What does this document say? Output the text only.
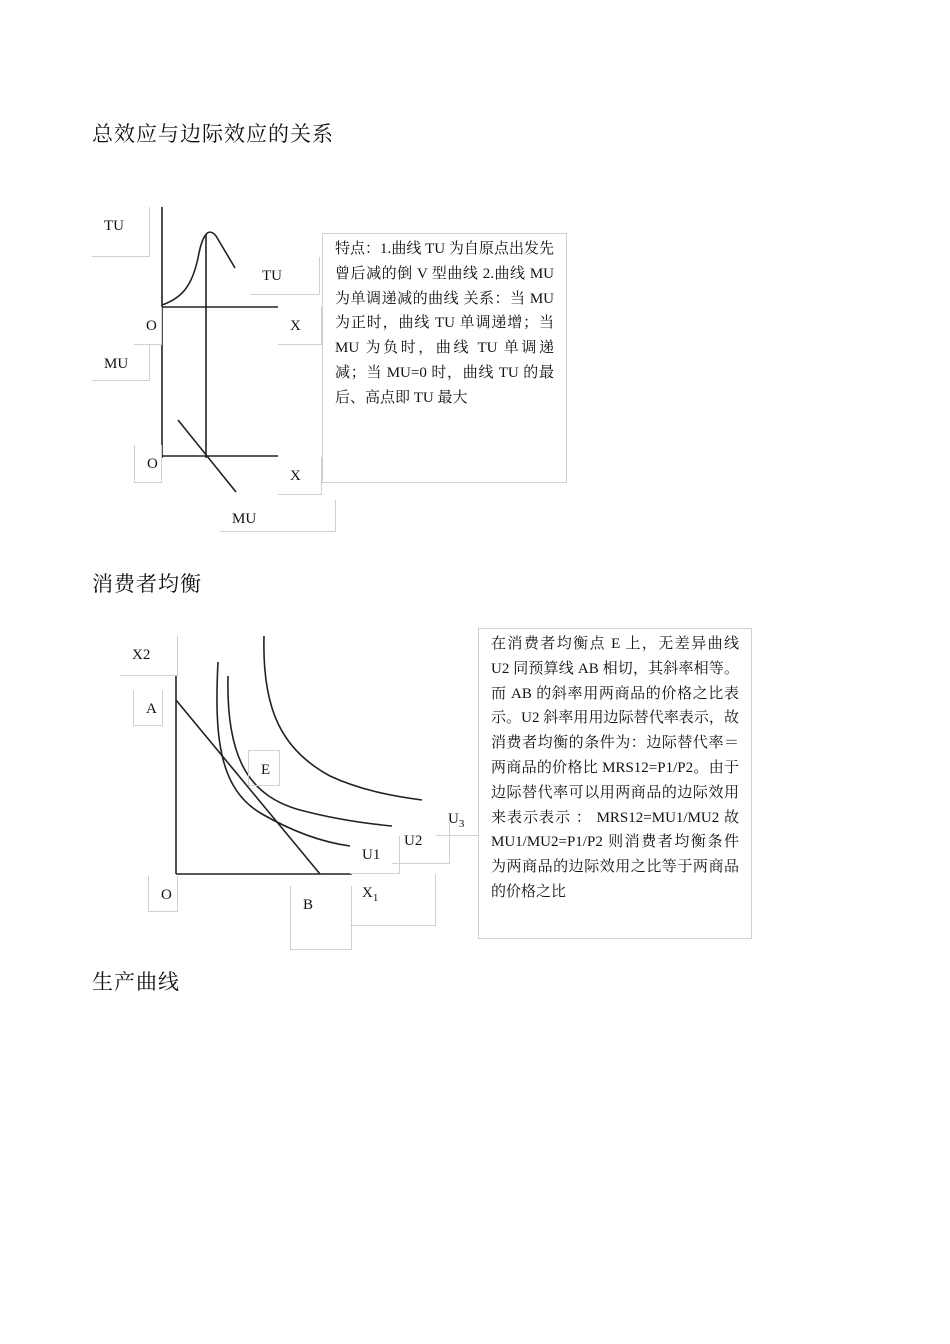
总效应与边际效应的关系
消费者均衡
生产曲线
TU
TU
O	X
MU
O
X
MU
特点：1.曲线 TU 为自原点出发先曾后减的倒 V 型曲线 2.曲线 MU 为单调递减的曲线 关系：当 MU 为正时，曲线 TU 单调递增；当 MU 为负时，曲线 TU 单调递减；当 MU=0 时，曲线 TU 的最后、高点即 TU 最大
X2
A
E
O
B
$X_1$
U1
U2
$U_3$
在消费者均衡点 E 上，无差异曲线 U2 同预算线 AB 相切，其斜率相等。而 AB 的斜率用两商品的价格之比表示。U2 斜率用用边际替代率表示，故消费者均衡的条件为：边际替代率＝两商品的价格比 MRS12=P1/P2。由于边际替代率可以用两商品的边际效用来表示表示 ： MRS12=MU1/MU2 故 MU1/MU2=P1/P2 则消费者均衡条件为两商品的边际效用之比等于两商品的价格之比
